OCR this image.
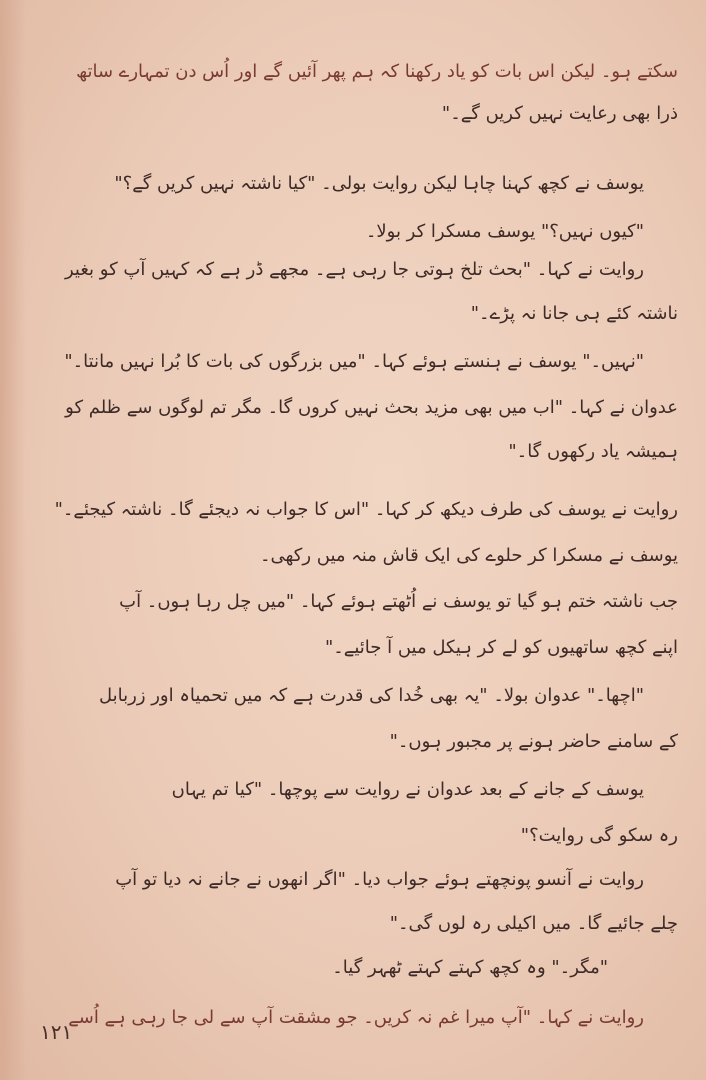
سکتے ہو۔ لیکن اس بات کو یاد رکھنا کہ ہم پھر آئیں گے اور اُس دن تمہارے ساتھ
ذرا بھی رعایت نہیں کریں گے۔"
یوسف نے کچھ کہنا چاہا لیکن روایت بولی۔ "کیا ناشتہ نہیں کریں گے؟"
"کیوں نہیں؟" یوسف مسکرا کر بولا۔
روایت نے کہا۔ "بحث تلخ ہوتی جا رہی ہے۔ مجھے ڈر ہے کہ کہیں آپ کو بغیر
ناشتہ کئے ہی جانا نہ پڑے۔"
"نہیں۔" یوسف نے ہنستے ہوئے کہا۔ "میں بزرگوں کی بات کا بُرا نہیں مانتا۔"
عدوان نے کہا۔ "اب میں بھی مزید بحث نہیں کروں گا۔ مگر تم لوگوں سے ظلم کو
ہمیشہ یاد رکھوں گا۔"
روایت نے یوسف کی طرف دیکھ کر کہا۔ "اس کا جواب نہ دیجئے گا۔ ناشتہ کیجئے۔"
یوسف نے مسکرا کر حلوے کی ایک قاش منہ میں رکھی۔
جب ناشتہ ختم ہو گیا تو یوسف نے اُٹھتے ہوئے کہا۔ "میں چل رہا ہوں۔ آپ
اپنے کچھ ساتھیوں کو لے کر ہیکل میں آ جائیے۔"
"اچھا۔" عدوان بولا۔ "یہ بھی خُدا کی قدرت ہے کہ میں تحمیاہ اور زربابل
کے سامنے حاضر ہونے پر مجبور ہوں۔"
یوسف کے جانے کے بعد عدوان نے روایت سے پوچھا۔ "کیا تم یہاں
رہ سکو گی روایت؟"
روایت نے آنسو پونچھتے ہوئے جواب دیا۔ "اگر انھوں نے جانے نہ دیا تو آپ
چلے جائیے گا۔ میں اکیلی رہ لوں گی۔"
"مگر۔" وہ کچھ کہتے کہتے ٹھہر گیا۔
روایت نے کہا۔ "آپ میرا غم نہ کریں۔ جو مشقت آپ سے لی جا رہی ہے اُسے
۱۲۱
